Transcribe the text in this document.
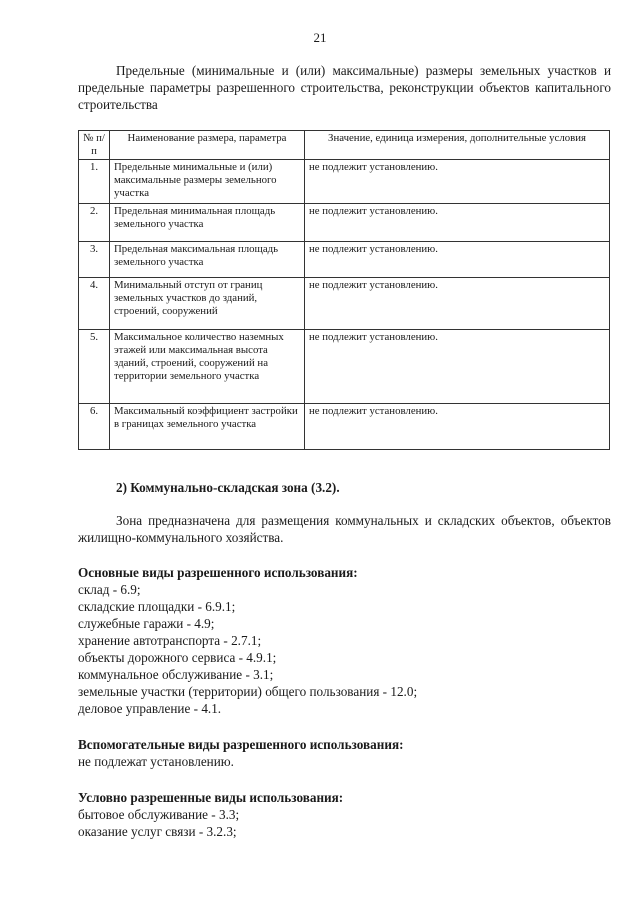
21
Предельные (минимальные и (или) максимальные) размеры земельных участков и предельные параметры разрешенного строительства, реконструкции объектов капитального строительства
№ п/п	Наименование размера, параметра	Значение, единица измерения, дополнительные условия
1.	Предельные минимальные и (или) максимальные размеры земельного участка	не подлежит установлению.
2.	Предельная минимальная площадь земельного участка	не подлежит установлению.
3.	Предельная максимальная площадь земельного участка	не подлежит установлению.
4.	Минимальный отступ от границ земельных участков до зданий, строений, сооружений	не подлежит установлению.
5.	Максимальное количество наземных этажей или максимальная высота зданий, строений, сооружений на территории земельного участка	не подлежит установлению.
6.	Максимальный коэффициент застройки в границах земельного участка	не подлежит установлению.
2) Коммунально-складская зона (3.2).
Зона предназначена для размещения коммунальных и складских объектов, объектов жилищно-коммунального хозяйства.
Основные виды разрешенного использования:
склад - 6.9;
складские площадки - 6.9.1;
служебные гаражи - 4.9;
хранение автотранспорта - 2.7.1;
объекты дорожного сервиса - 4.9.1;
коммунальное обслуживание - 3.1;
земельные участки (территории) общего пользования - 12.0;
деловое управление - 4.1.
Вспомогательные виды разрешенного использования:
не подлежат установлению.
Условно разрешенные виды использования:
бытовое обслуживание - 3.3;
оказание услуг связи - 3.2.3;
